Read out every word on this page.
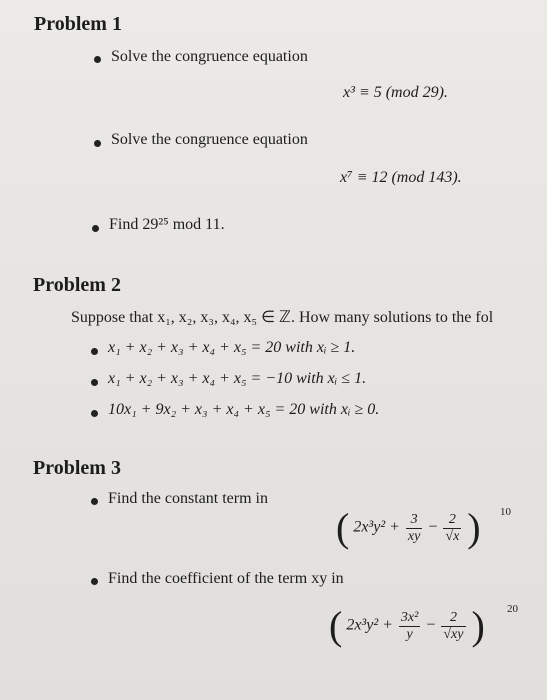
Problem 1
Solve the congruence equation
x³ ≡ 5 (mod 29).
Solve the congruence equation
x⁷ ≡ 12 (mod 143).
Find 29²⁵ mod 11.
Problem 2
Suppose that x₁, x₂, x₃, x₄, x₅ ∈ ℤ. How many solutions to the fol
x₁ + x₂ + x₃ + x₄ + x₅ = 20 with xᵢ ≥ 1.
x₁ + x₂ + x₃ + x₄ + x₅ = −10 with xᵢ ≤ 1.
10x₁ + 9x₂ + x₃ + x₄ + x₅ = 20 with xᵢ ≥ 0.
Problem 3
Find the constant term in
( $2x^3y^2 + \frac{3}{xy} - \frac{2}{√x}$ ) 10
Find the coefficient of the term xy in
( $2x^3y^2 + \frac{\text{3x²}}{y} - \frac{2}{√xy}$ ) 20
